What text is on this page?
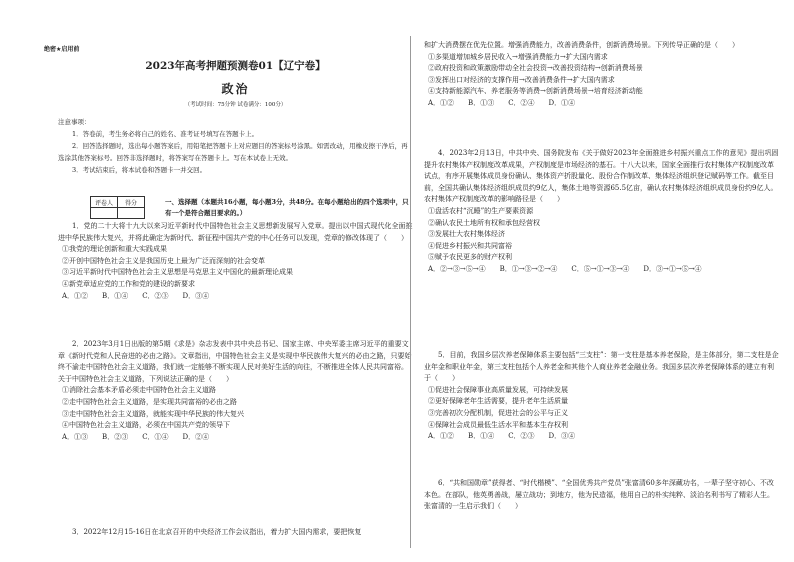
绝密★启用前
2023年高考押题预测卷01【辽宁卷】
政治
（考试时间：75分钟 试卷满分：100分）

注意事项：

1．答卷前，考生务必将自己的姓名、准考证号填写在答题卡上。

2．回答选择题时，选出每小题答案后，用铅笔把答题卡上对应题目的答案标号涂黑。如需改动，用橡皮擦干净后，再选涂其他答案标号。回答非选择题时，将答案写在答题卡上。写在本试卷上无效。

3．考试结束后，将本试卷和答题卡一并交回。

评卷人	得分
		一、选择题（本题共16小题，每小题3分，共48分。在每小题给出的四个选项中，只有一个是符合题目要求的。）

1．党的二十大将十九大以来习近平新时代中国特色社会主义思想新发展写入党章。提出以中国式现代化全面推进中华民族伟大复兴，并将此确定为新时代、新征程中国共产党的中心任务可以发现，党章的修改体现了（　　）

①我党的理论创新和重大实践成果

②开创中国特色社会主义是我国历史上最为广泛而深刻的社会变革

③习近平新时代中国特色社会主义思想是马克思主义中国化的最新理论成果

④新党章适应党的工作和党的建设的新要求

A．①②　　B．①④　　C．②③　　D．③④

2．2023年3月1日出版的第5期《求是》杂志发表中共中央总书记、国家主席、中央军委主席习近平的重要文章《新时代党和人民奋进的必由之路》。文章指出，中国特色社会主义是实现中华民族伟大复兴的必由之路，只要始终不渝走中国特色社会主义道路，我们就一定能够不断实现人民对美好生活的向往，不断推进全体人民共同富裕。关于中国特色社会主义道路，下列说法正确的是（　　）

①消除社会基本矛盾必须走中国特色社会主义道路

②走中国特色社会主义道路，是实现共同富裕的必由之路

③走中国特色社会主义道路，就能实现中华民族的伟大复兴

④中国特色社会主义道路，必须在中国共产党的领导下

A．①③　　B．②③　　C．①④　　D．②④

3．2022年12月15-16日在北京召开的中央经济工作会议指出，着力扩大国内需求，要把恢复

和扩大消费摆在优先位置。增强消费能力，改善消费条件，创新消费场景。下列传导正确的是（　　）

①多渠道增加城乡居民收入→增强消费能力→扩大国内需求

②政府投资和政策激励带动全社会投资→改善投资结构→创新消费场景

③发挥出口对经济的支撑作用→改善消费条件→扩大国内需求

④支持新能源汽车、养老服务等消费→创新消费场景→培育经济新动能

A．①②　　B．①③　　C．②④　　D．①④

4．2023年2月13日，中共中央、国务院发布《关于做好2023年全面推进乡村振兴重点工作的意见》提出巩固提升农村集体产权制度改革成果，产权制度是市场经济的基石。十八大以来，国家全面推行农村集体产权制度改革试点，有序开展集体成员身份确认、集体资产折股量化、股份合作制改革、集体经济组织登记赋码等工作。截至目前，全国共确认集体经济组织成员约9亿人，集体土地等资源65.5亿亩，确认农村集体经济组织成员身份约9亿人。农村集体产权制度改革的影响路径是（　　）

①盘活农村“沉睡”的生产要素资源

②确认农民土地所有权和承包经营权

③发展壮大农村集体经济

④促进乡村振兴和共同富裕

⑤赋予农民更多的财产权利

A．②→③→⑤→④　　B．①→③→②→④　　C．⑤→①→③→④　　D．③→①→⑤→④

5．目前，我国乡层次养老保障体系主要包括“三支柱”：第一支柱是基本养老保险，是主体部分，第二支柱是企业年金和职业年金，第三支柱包括个人养老金和其他个人商业养老金融业务。我国多层次养老保障体系的建立有利于（　　）

①促进社会保障事业高质量发展，可持续发展

②更好保障老年生活需要，提升老年生活质量

③完善初次分配机制，促进社会的公平与正义

④保障社会成员最低生活水平和基本生存权利

A．①②　　B．①④　　C．②③　　D．③④

6．“共和国勋章”获得者、“时代楷模”、“全国优秀共产党员”张富清60多年深藏功名，一辈子坚守初心、不改本色。在部队，他英勇善战，屡立战功；到地方，他为民造福，他用自己的朴实纯粹、淡泊名利书写了精彩人生。张富清的一生启示我们（　　）
